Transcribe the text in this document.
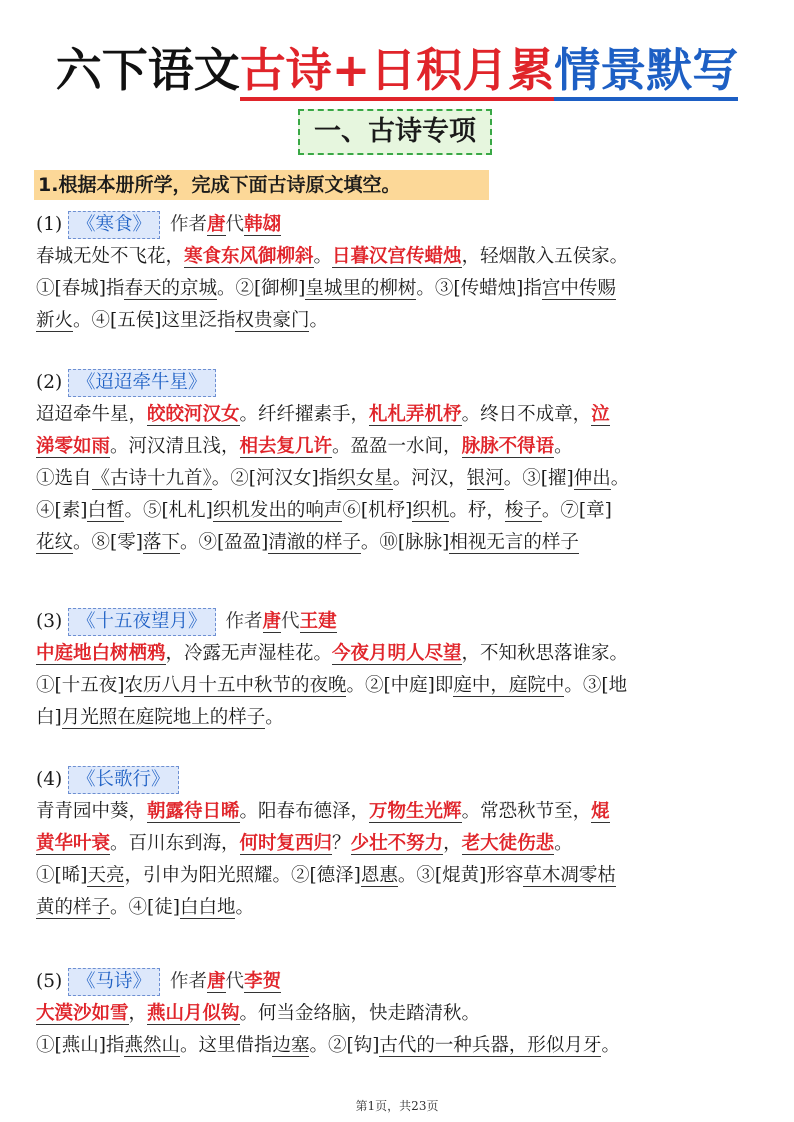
六下语文古诗+日积月累情景默写
一、古诗专项
1.根据本册所学，完成下面古诗原文填空。
(1) 《寒食》 作者唐代韩翃
春城无处不飞花，寒食东风御柳斜。日暮汉宫传蜡烛，轻烟散入五侯家。
①[春城]指春天的京城。②[御柳]皇城里的柳树。③[传蜡烛]指宫中传赐
新火。④[五侯]这里泛指权贵豪门。
(2) 《迢迢牵牛星》
迢迢牵牛星，皎皎河汉女。纤纤擢素手，札札弄机杼。终日不成章，泣
涕零如雨。河汉清且浅，相去复几许。盈盈一水间，脉脉不得语。
①选自《古诗十九首》。②[河汉女]指织女星。河汉，银河。③[擢]伸出。
④[素]白皙。⑤[札札]织机发出的响声⑥[机杼]织机。杼，梭子。⑦[章]
花纹。⑧[零]落下。⑨[盈盈]清澈的样子。⑩[脉脉]相视无言的样子
(3) 《十五夜望月》 作者唐代王建
中庭地白树栖鸦，冷露无声湿桂花。今夜月明人尽望，不知秋思落谁家。
①[十五夜]农历八月十五中秋节的夜晚。②[中庭]即庭中，庭院中。③[地
白]月光照在庭院地上的样子。
(4) 《长歌行》
青青园中葵，朝露待日晞。阳春布德泽，万物生光辉。常恐秋节至，焜
黄华叶衰。百川东到海，何时复西归？少壮不努力，老大徒伤悲。
①[晞]天亮，引申为阳光照耀。②[德泽]恩惠。③[焜黄]形容草木凋零枯
黄的样子。④[徒]白白地。
(5) 《马诗》 作者唐代李贺
大漠沙如雪，燕山月似钩。何当金络脑，快走踏清秋。
①[燕山]指燕然山。这里借指边塞。②[钩]古代的一种兵器，形似月牙。
第1页，共23页
